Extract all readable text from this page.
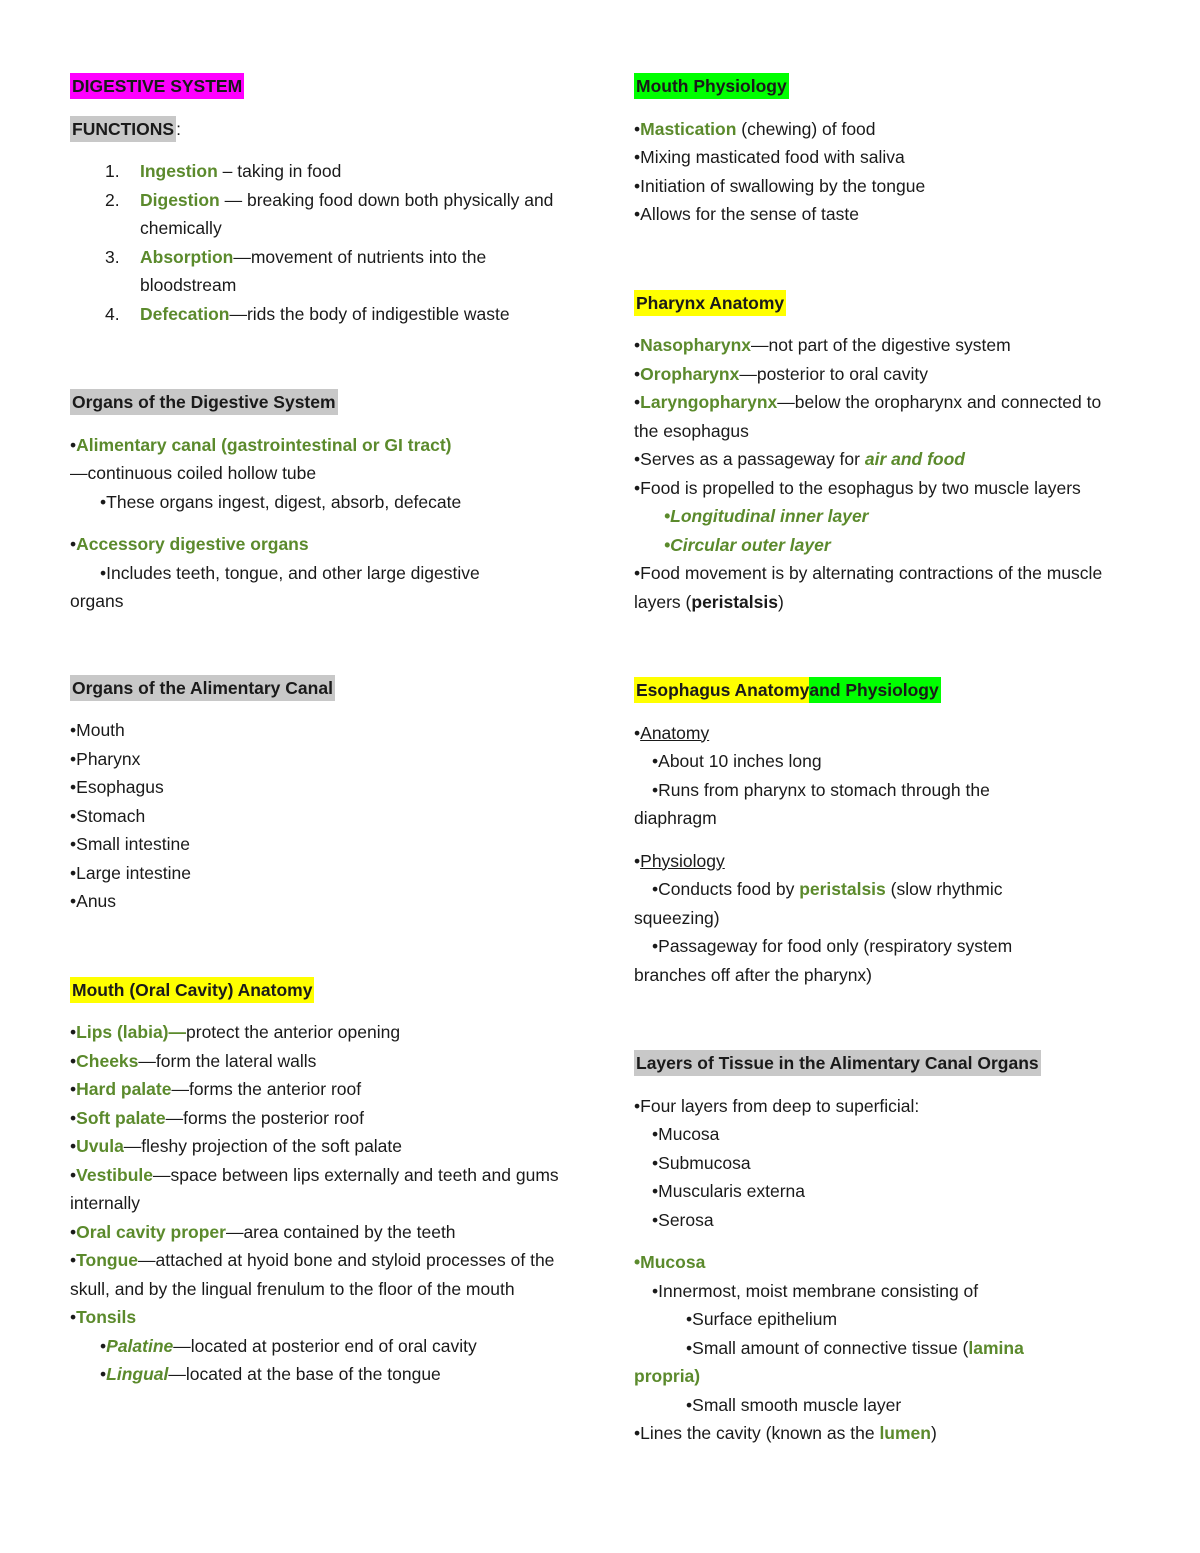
DIGESTIVE SYSTEM

FUNCTIONS :

1. Ingestion – taking in food
2. Digestion — breaking food down both physically and chemically
3. Absorption—movement of nutrients into the bloodstream
4. Defecation—rids the body of indigestible waste

Organs of the Digestive System

•Alimentary canal (gastrointestinal or GI tract)

—continuous coiled hollow tube

•These organs ingest, digest, absorb, defecate

•Accessory digestive organs

•Includes teeth, tongue, and other large digestive

organs

Organs of the Alimentary Canal

•Mouth

•Pharynx

•Esophagus

•Stomach

•Small intestine

•Large intestine

•Anus

Mouth (Oral Cavity) Anatomy

•Lips (labia)—protect the anterior opening

•Cheeks—form the lateral walls

•Hard palate—forms the anterior roof

•Soft palate—forms the posterior roof

•Uvula—fleshy projection of the soft palate

•Vestibule—space between lips externally and teeth and gums internally

•Oral cavity proper—area contained by the teeth

•Tongue—attached at hyoid bone and styloid processes of the skull, and by the lingual frenulum to the floor of the mouth

•Tonsils

•Palatine—located at posterior end of oral cavity

•Lingual—located at the base of the tongue

Mouth Physiology

•Mastication (chewing) of food

•Mixing masticated food with saliva

•Initiation of swallowing by the tongue

•Allows for the sense of taste

Pharynx Anatomy

•Nasopharynx—not part of the digestive system

•Oropharynx—posterior to oral cavity

•Laryngopharynx—below the oropharynx and connected to the esophagus

•Serves as a passageway for air and food

•Food is propelled to the esophagus by two muscle layers

•Longitudinal inner layer

•Circular outer layer

•Food movement is by alternating contractions of the muscle layers (peristalsis)

Esophagus Anatomyand Physiology

•Anatomy

•About 10 inches long

•Runs from pharynx to stomach through the

diaphragm

•Physiology

•Conducts food by peristalsis (slow rhythmic

squeezing)

•Passageway for food only (respiratory system

branches off after the pharynx)

Layers of Tissue in the Alimentary Canal Organs

•Four layers from deep to superficial:

•Mucosa

•Submucosa

•Muscularis externa

•Serosa

•Mucosa

•Innermost, moist membrane consisting of

•Surface epithelium

•Small amount of connective tissue (lamina

propria)

•Small smooth muscle layer

•Lines the cavity (known as the lumen)
